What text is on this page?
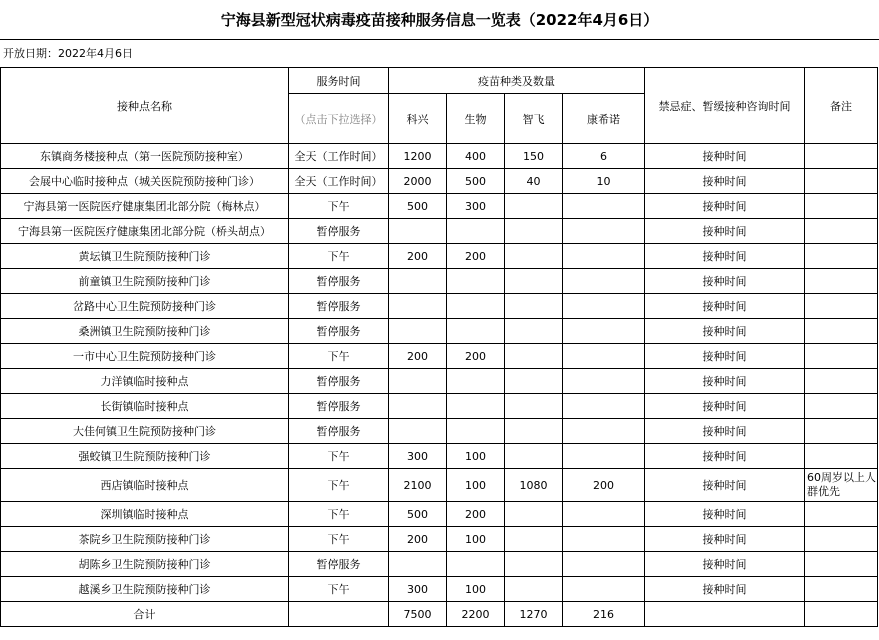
宁海县新型冠状病毒疫苗接种服务信息一览表（2022年4月6日）
开放日期：2022年4月6日
接种点名称	服务时间	疫苗种类及数量				禁忌症、暂缓接种咨询时间	备注
	（点击下拉选择）	科兴	生物	智飞	康希诺		
东镇商务楼接种点（第一医院预防接种室）	全天（工作时间）	1200	400	150	6	接种时间	
会展中心临时接种点（城关医院预防接种门诊）	全天（工作时间）	2000	500	40	10	接种时间	
宁海县第一医院医疗健康集团北部分院（梅林点）	下午	500	300			接种时间	
宁海县第一医院医疗健康集团北部分院（桥头胡点）	暂停服务					接种时间	
黄坛镇卫生院预防接种门诊	下午	200	200			接种时间	
前童镇卫生院预防接种门诊	暂停服务					接种时间	
岔路中心卫生院预防接种门诊	暂停服务					接种时间	
桑洲镇卫生院预防接种门诊	暂停服务					接种时间	
一市中心卫生院预防接种门诊	下午	200	200			接种时间	
力洋镇临时接种点	暂停服务					接种时间	
长街镇临时接种点	暂停服务					接种时间	
大佳何镇卫生院预防接种门诊	暂停服务					接种时间	
强蛟镇卫生院预防接种门诊	下午	300	100			接种时间	
西店镇临时接种点	下午	2100	100	1080	200	接种时间	60周岁以上人群优先
深圳镇临时接种点	下午	500	200			接种时间	
茶院乡卫生院预防接种门诊	下午	200	100			接种时间	
胡陈乡卫生院预防接种门诊	暂停服务					接种时间	
越溪乡卫生院预防接种门诊	下午	300	100			接种时间	
合计		7500	2200	1270	216		
